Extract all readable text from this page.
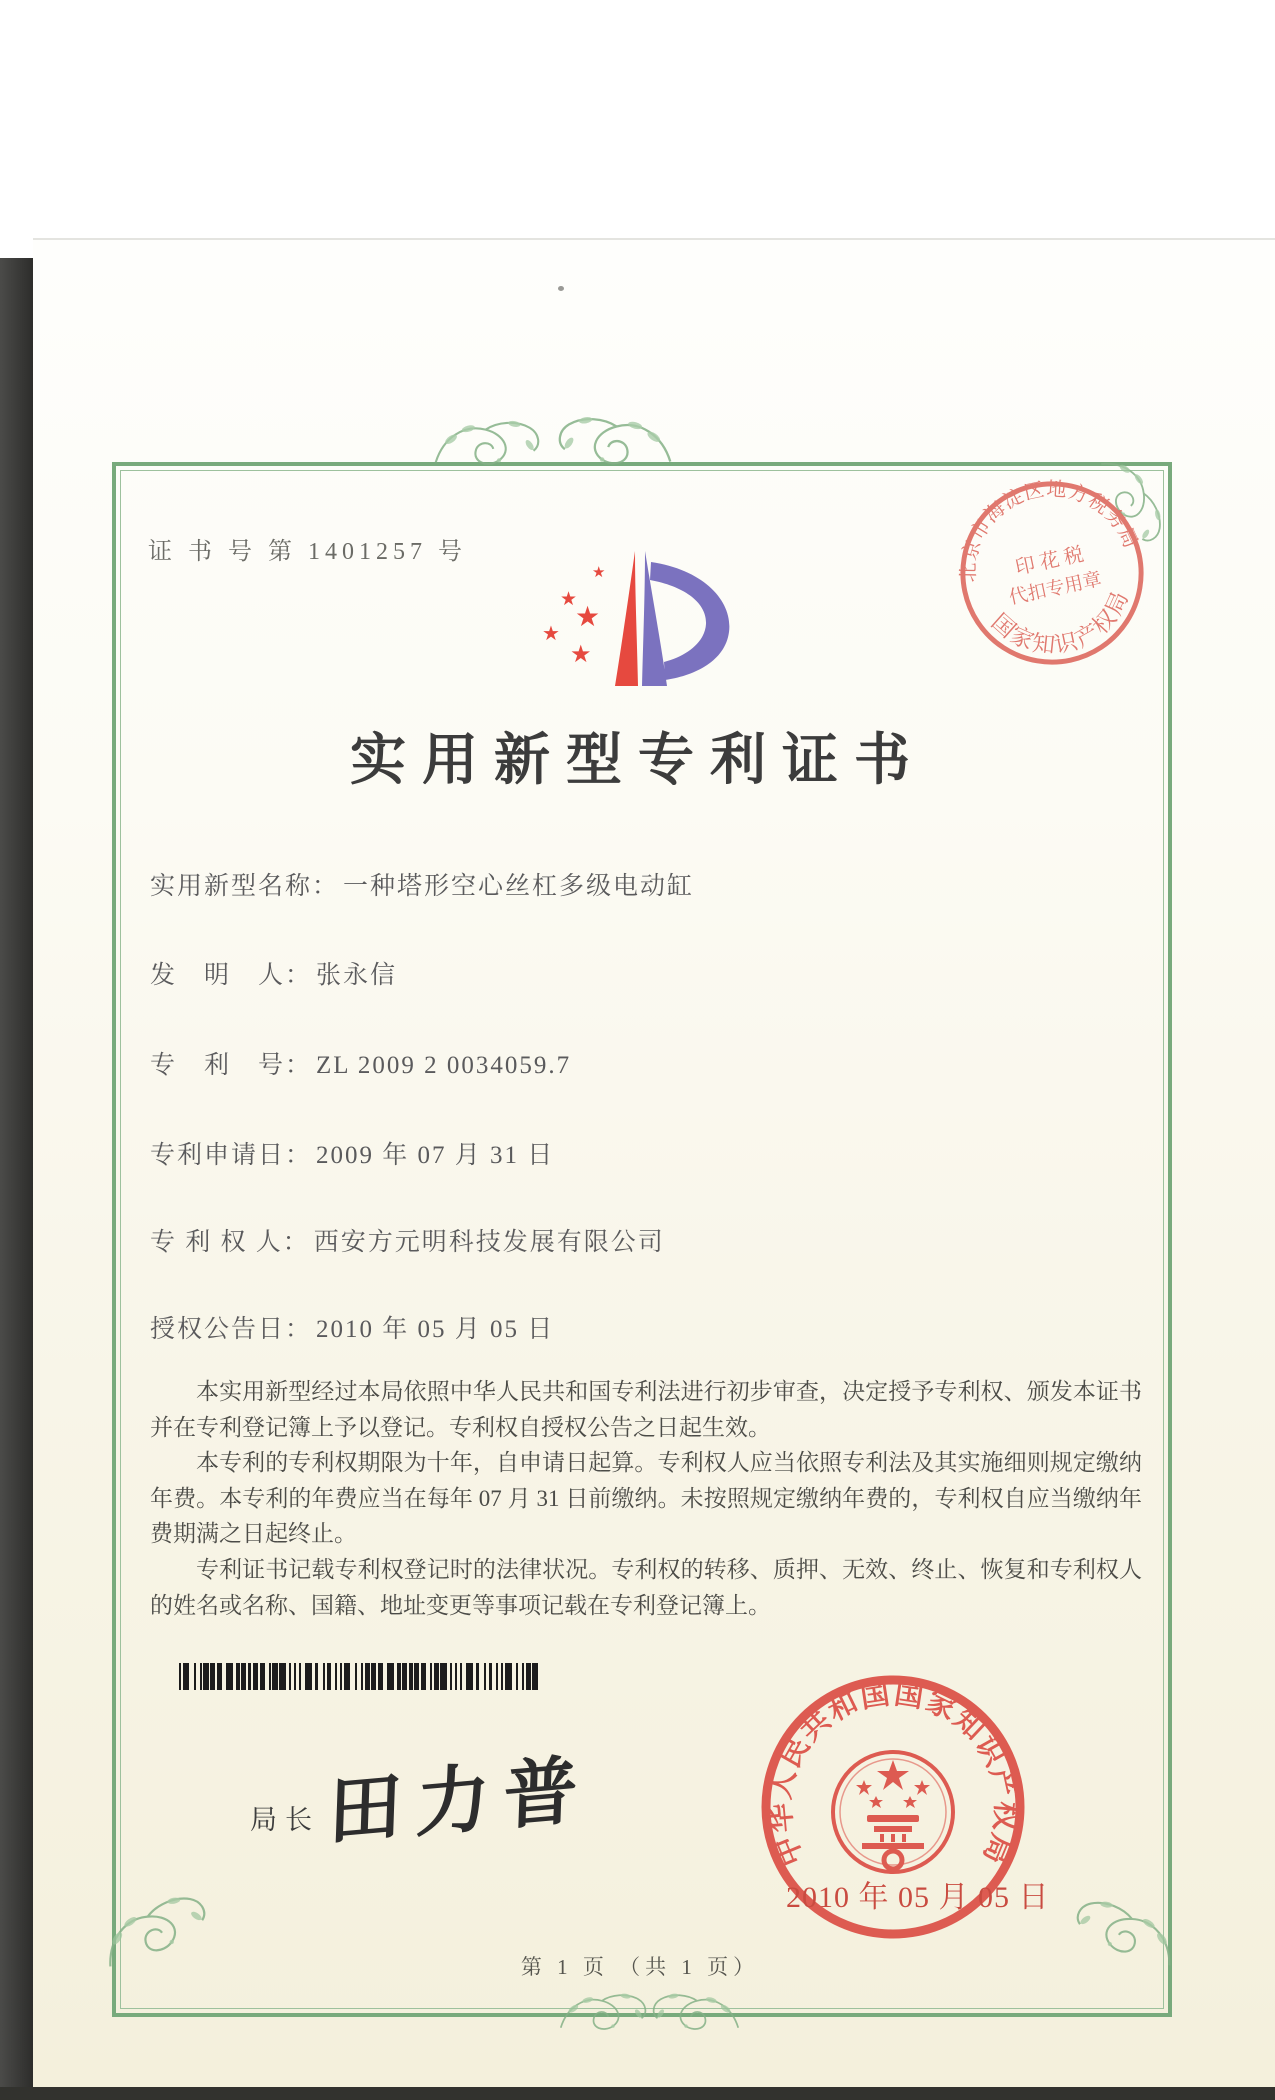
证 书 号 第 1401257 号
★
★
★
★
★
北京市海淀区地方税务局
国家知识产权局
印 花 税
代扣专用章
实用新型专利证书
实用新型名称： 一种塔形空心丝杠多级电动缸
发　明　人： 张永信
专　利　号： ZL 2009 2 0034059.7
专利申请日： 2009 年 07 月 31 日
专 利 权 人： 西安方元明科技发展有限公司
授权公告日： 2010 年 05 月 05 日

本实用新型经过本局依照中华人民共和国专利法进行初步审查，决定授予专利权、颁发本证书并在专利登记簿上予以登记。专利权自授权公告之日起生效。

本专利的专利权期限为十年，自申请日起算。专利权人应当依照专利法及其实施细则规定缴纳年费。本专利的年费应当在每年 07 月 31 日前缴纳。未按照规定缴纳年费的，专利权自应当缴纳年费期满之日起终止。

专利证书记载专利权登记时的法律状况。专利权的转移、质押、无效、终止、恢复和专利权人的姓名或名称、国籍、地址变更等事项记载在专利登记簿上。

局长 田力普	中华人民共和国国家知识产权局
2010 年 05 月 05 日
第 1 页 （共 1 页）
